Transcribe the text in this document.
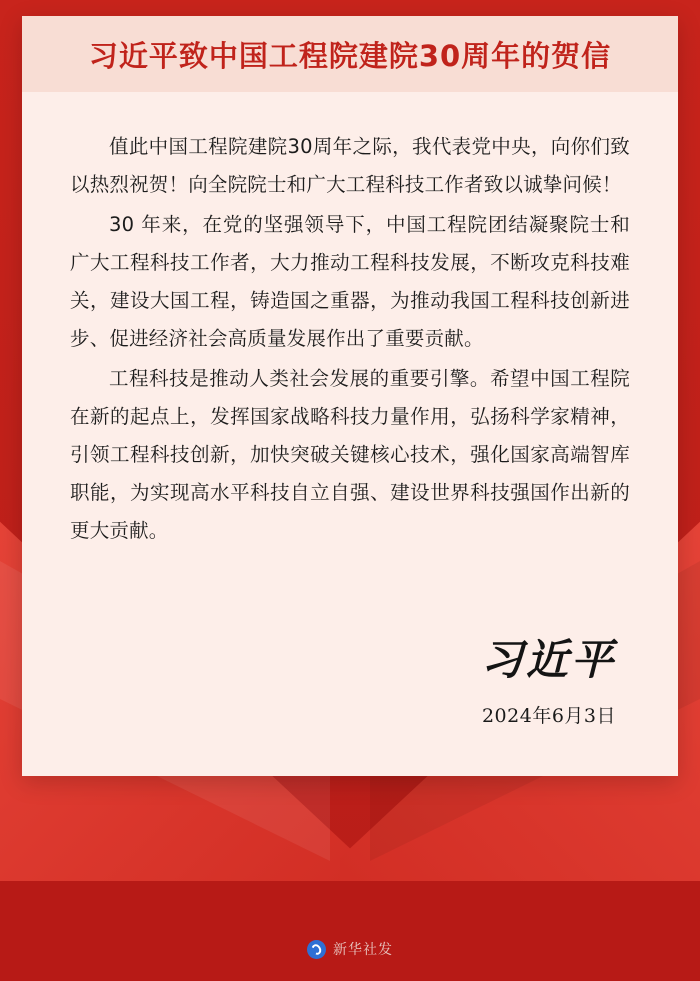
习近平致中国工程院建院30周年的贺信

值此中国工程院建院30周年之际，我代表党中央，向你们致以热烈祝贺！向全院院士和广大工程科技工作者致以诚挚问候！

30 年来，在党的坚强领导下，中国工程院团结凝聚院士和广大工程科技工作者，大力推动工程科技发展，不断攻克科技难关，建设大国工程，铸造国之重器，为推动我国工程科技创新进步、促进经济社会高质量发展作出了重要贡献。

工程科技是推动人类社会发展的重要引擎。希望中国工程院在新的起点上，发挥国家战略科技力量作用，弘扬科学家精神，引领工程科技创新，加快突破关键核心技术，强化国家高端智库职能，为实现高水平科技自立自强、建设世界科技强国作出新的更大贡献。

习近平
2024年6月3日
新华社发
